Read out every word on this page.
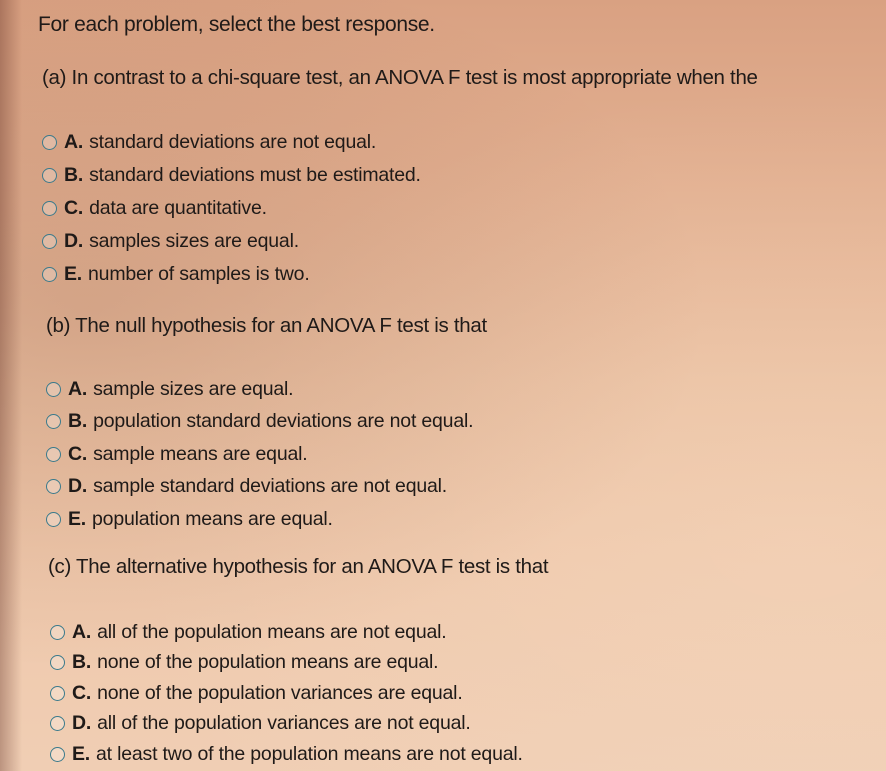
For each problem, select the best response.
(a) In contrast to a chi-square test, an ANOVA F test is most appropriate when the
A. standard deviations are not equal.
B. standard deviations must be estimated.
C. data are quantitative.
D. samples sizes are equal.
E. number of samples is two.
(b) The null hypothesis for an ANOVA F test is that
A. sample sizes are equal.
B. population standard deviations are not equal.
C. sample means are equal.
D. sample standard deviations are not equal.
E. population means are equal.
(c) The alternative hypothesis for an ANOVA F test is that
A. all of the population means are not equal.
B. none of the population means are equal.
C. none of the population variances are equal.
D. all of the population variances are not equal.
E. at least two of the population means are not equal.
